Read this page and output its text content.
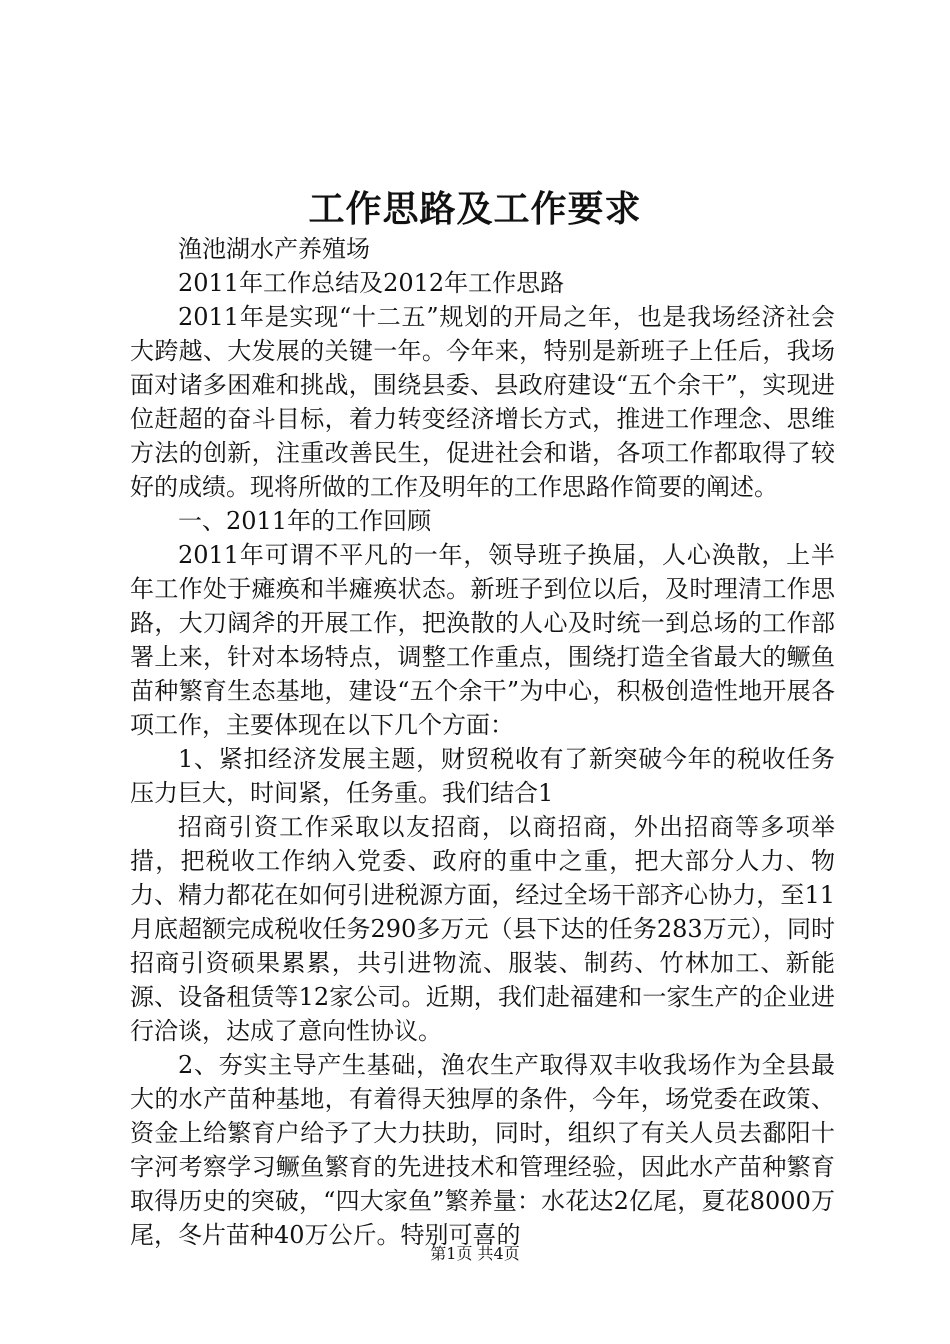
工作思路及工作要求

渔池湖水产养殖场

2011年工作总结及2012年工作思路

2011年是实现“十二五”规划的开局之年，也是我场经济社会大跨越、大发展的关键一年。今年来，特别是新班子上任后，我场面对诸多困难和挑战，围绕县委、县政府建设“五个余干”，实现进位赶超的奋斗目标，着力转变经济增长方式，推进工作理念、思维方法的创新，注重改善民生，促进社会和谐，各项工作都取得了较好的成绩。现将所做的工作及明年的工作思路作简要的阐述。

一、2011年的工作回顾

2011年可谓不平凡的一年，领导班子换届，人心涣散，上半年工作处于瘫痪和半瘫痪状态。新班子到位以后，及时理清工作思路，大刀阔斧的开展工作，把涣散的人心及时统一到总场的工作部署上来，针对本场特点，调整工作重点，围绕打造全省最大的鳜鱼苗种繁育生态基地，建设“五个余干”为中心，积极创造性地开展各项工作，主要体现在以下几个方面：

1、紧扣经济发展主题，财贸税收有了新突破今年的税收任务压力巨大，时间紧，任务重。我们结合1

招商引资工作采取以友招商，以商招商，外出招商等多项举措，把税收工作纳入党委、政府的重中之重，把大部分人力、物力、精力都花在如何引进税源方面，经过全场干部齐心协力，至11月底超额完成税收任务290多万元（县下达的任务283万元），同时招商引资硕果累累，共引进物流、服装、制药、竹林加工、新能源、设备租赁等12家公司。近期，我们赴福建和一家生产的企业进行洽谈，达成了意向性协议。

2、夯实主导产生基础，渔农生产取得双丰收我场作为全县最大的水产苗种基地，有着得天独厚的条件，今年，场党委在政策、资金上给繁育户给予了大力扶助，同时，组织了有关人员去鄱阳十字河考察学习鳜鱼繁育的先进技术和管理经验，因此水产苗种繁育取得历史的突破，“四大家鱼”繁养量：水花达2亿尾，夏花8000万尾，冬片苗种40万公斤。特别可喜的

第1页 共4页
